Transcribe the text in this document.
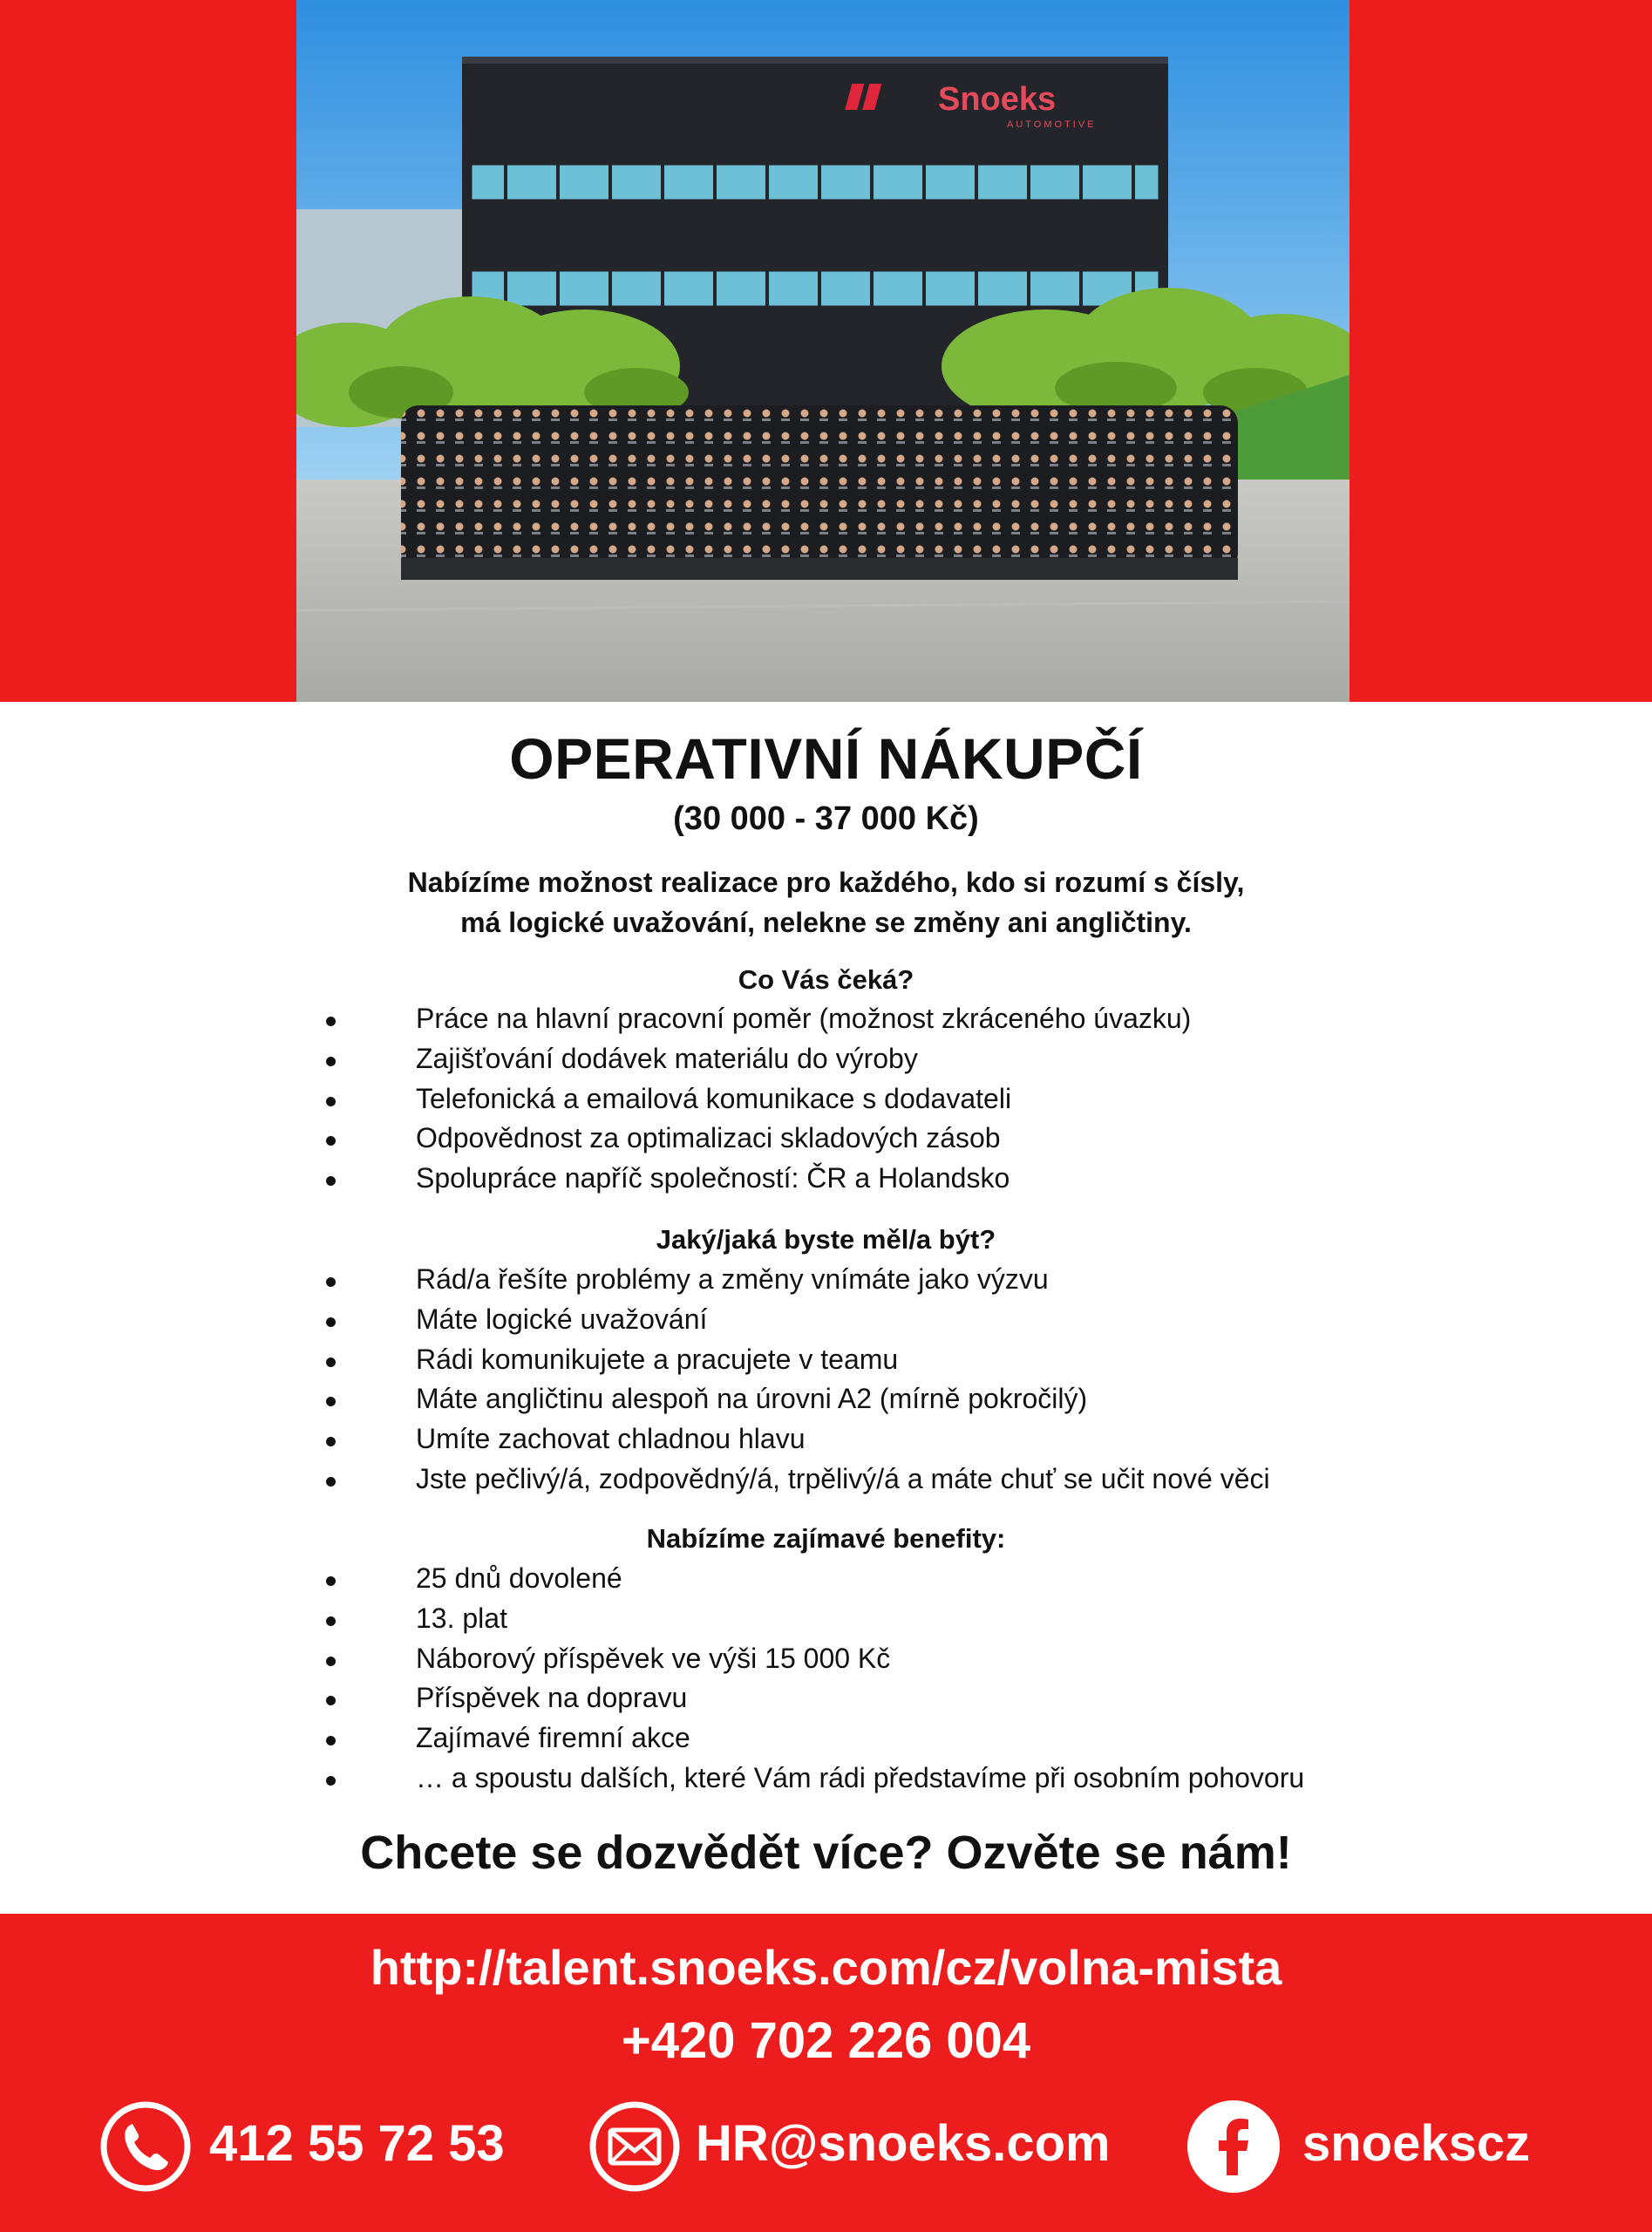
Snoeks
AUTOMOTIVE
OPERATIVNÍ NÁKUPČÍ
(30 000 - 37 000 Kč)
Nabízíme možnost realizace pro každého, kdo si rozumí s čísly,
má logické uvažování, nelekne se změny ani angličtiny.
Co Vás čeká?
Práce na hlavní pracovní poměr (možnost zkráceného úvazku)
Zajišťování dodávek materiálu do výroby
Telefonická a emailová komunikace s dodavateli
Odpovědnost za optimalizaci skladových zásob
Spolupráce napříč společností: ČR a Holandsko
Jaký/jaká byste měl/a být?
Rád/a řešíte problémy a změny vnímáte jako výzvu
Máte logické uvažování
Rádi komunikujete a pracujete v teamu
Máte angličtinu alespoň na úrovni A2 (mírně pokročilý)
Umíte zachovat chladnou hlavu
Jste pečlivý/á, zodpovědný/á, trpělivý/á a máte chuť se učit nové věci
Nabízíme zajímavé benefity:
25 dnů dovolené
13. plat
Náborový příspěvek ve výši 15 000 Kč
Příspěvek na dopravu
Zajímavé firemní akce
… a spoustu dalších, které Vám rádi představíme při osobním pohovoru
Chcete se dozvědět více? Ozvěte se nám!
http://talent.snoeks.com/cz/volna-mista
+420 702 226 004
412 55 72 53	HR@snoeks.com	snoekscz
